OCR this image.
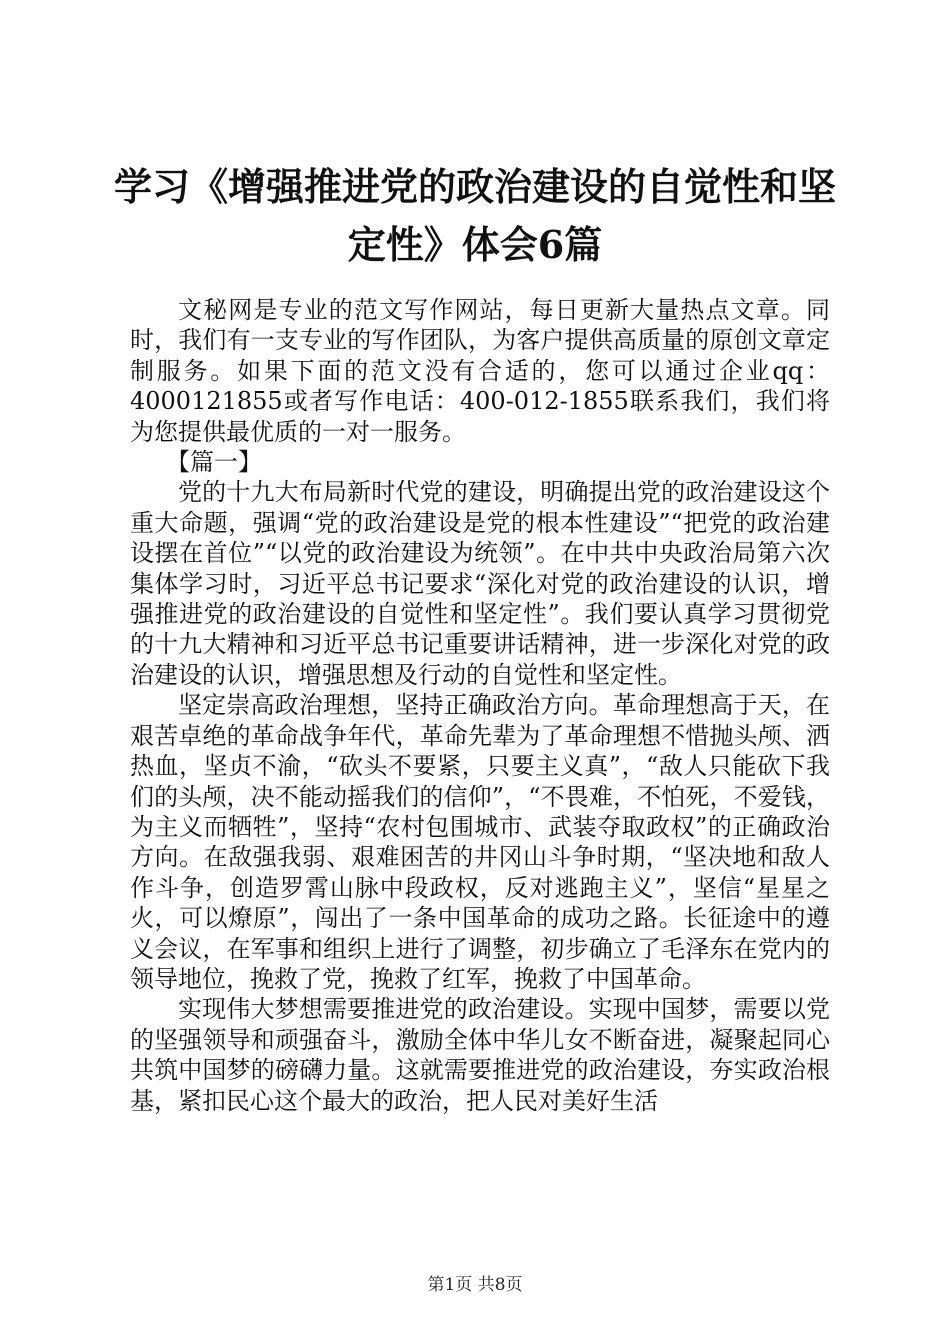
学习《增强推进党的政治建设的自觉性和坚定性》体会6篇

文秘网是专业的范文写作网站，每日更新大量热点文章。同时，我们有一支专业的写作团队，为客户提供高质量的原创文章定制服务。如果下面的范文没有合适的，您可以通过企业qq：4000121855或者写作电话：400-012-1855联系我们，我们将为您提供最优质的一对一服务。

【篇一】

党的十九大布局新时代党的建设，明确提出党的政治建设这个重大命题，强调“党的政治建设是党的根本性建设”“把党的政治建设摆在首位”“以党的政治建设为统领”。在中共中央政治局第六次集体学习时，习近平总书记要求“深化对党的政治建设的认识，增强推进党的政治建设的自觉性和坚定性”。我们要认真学习贯彻党的十九大精神和习近平总书记重要讲话精神，进一步深化对党的政治建设的认识，增强思想及行动的自觉性和坚定性。

坚定崇高政治理想，坚持正确政治方向。革命理想高于天，在艰苦卓绝的革命战争年代，革命先辈为了革命理想不惜抛头颅、洒热血，坚贞不渝，“砍头不要紧，只要主义真”，“敌人只能砍下我们的头颅，决不能动摇我们的信仰”，“不畏难，不怕死，不爱钱，为主义而牺牲”，坚持“农村包围城市、武装夺取政权”的正确政治方向。在敌强我弱、艰难困苦的井冈山斗争时期，“坚决地和敌人作斗争，创造罗霄山脉中段政权，反对逃跑主义”，坚信“星星之火，可以燎原”，闯出了一条中国革命的成功之路。长征途中的遵义会议，在军事和组织上进行了调整，初步确立了毛泽东在党内的领导地位，挽救了党，挽救了红军，挽救了中国革命。

实现伟大梦想需要推进党的政治建设。实现中国梦，需要以党的坚强领导和顽强奋斗，激励全体中华儿女不断奋进，凝聚起同心共筑中国梦的磅礴力量。这就需要推进党的政治建设，夯实政治根基，紧扣民心这个最大的政治，把人民对美好生活

第1页 共8页
